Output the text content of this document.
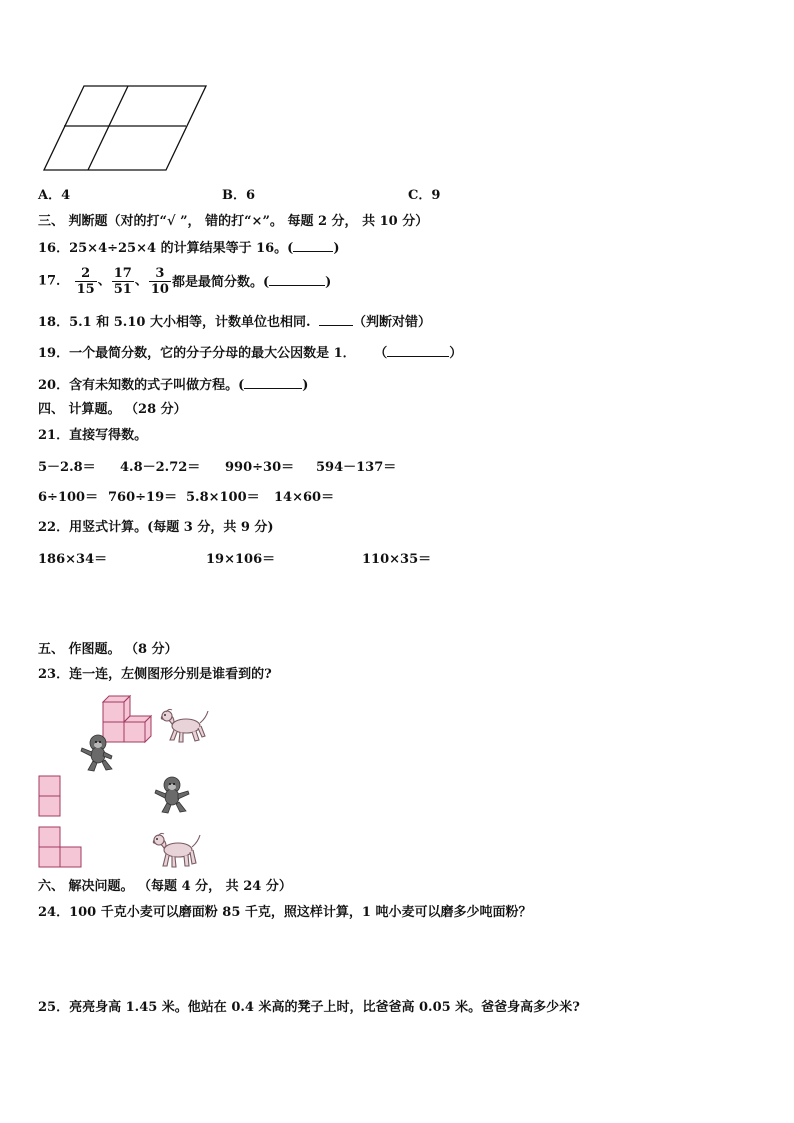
A．4	B．6	C．9
三、 判断题（对的打“√ ”， 错的打“×”。 每题 2 分， 共 10 分）
16．25×4÷25×4 的计算结果等于 16。(	)
17． $\frac{2}{15}$ 、 $\frac{17}{51}$ 、 $\frac{3}{10}$ 都是最简分数。(	)
18．5.1 和 5.10 大小相等，计数单位也相同.	（判断对错）
19．一个最简分数，它的分子分母的最大公因数是 1． （	）
20．含有未知数的式子叫做方程。(	)
四、 计算题。 （28 分）
21．直接写得数。
5－2.8＝ 4.8－2.72＝ 990÷30＝ 594－137＝
6÷100＝ 760÷19＝ 5.8×100＝ 14×60＝
22．用竖式计算。(每题 3 分，共 9 分)
186×34＝	19×106＝	110×35＝
五、 作图题。 （8 分）
23．连一连，左侧图形分别是谁看到的?
六、 解决问题。 （每题 4 分， 共 24 分）
24．100 千克小麦可以磨面粉 85 千克，照这样计算，1 吨小麦可以磨多少吨面粉？
25．亮亮身高 1.45 米。他站在 0.4 米高的凳子上时，比爸爸高 0.05 米。爸爸身高多少米?
